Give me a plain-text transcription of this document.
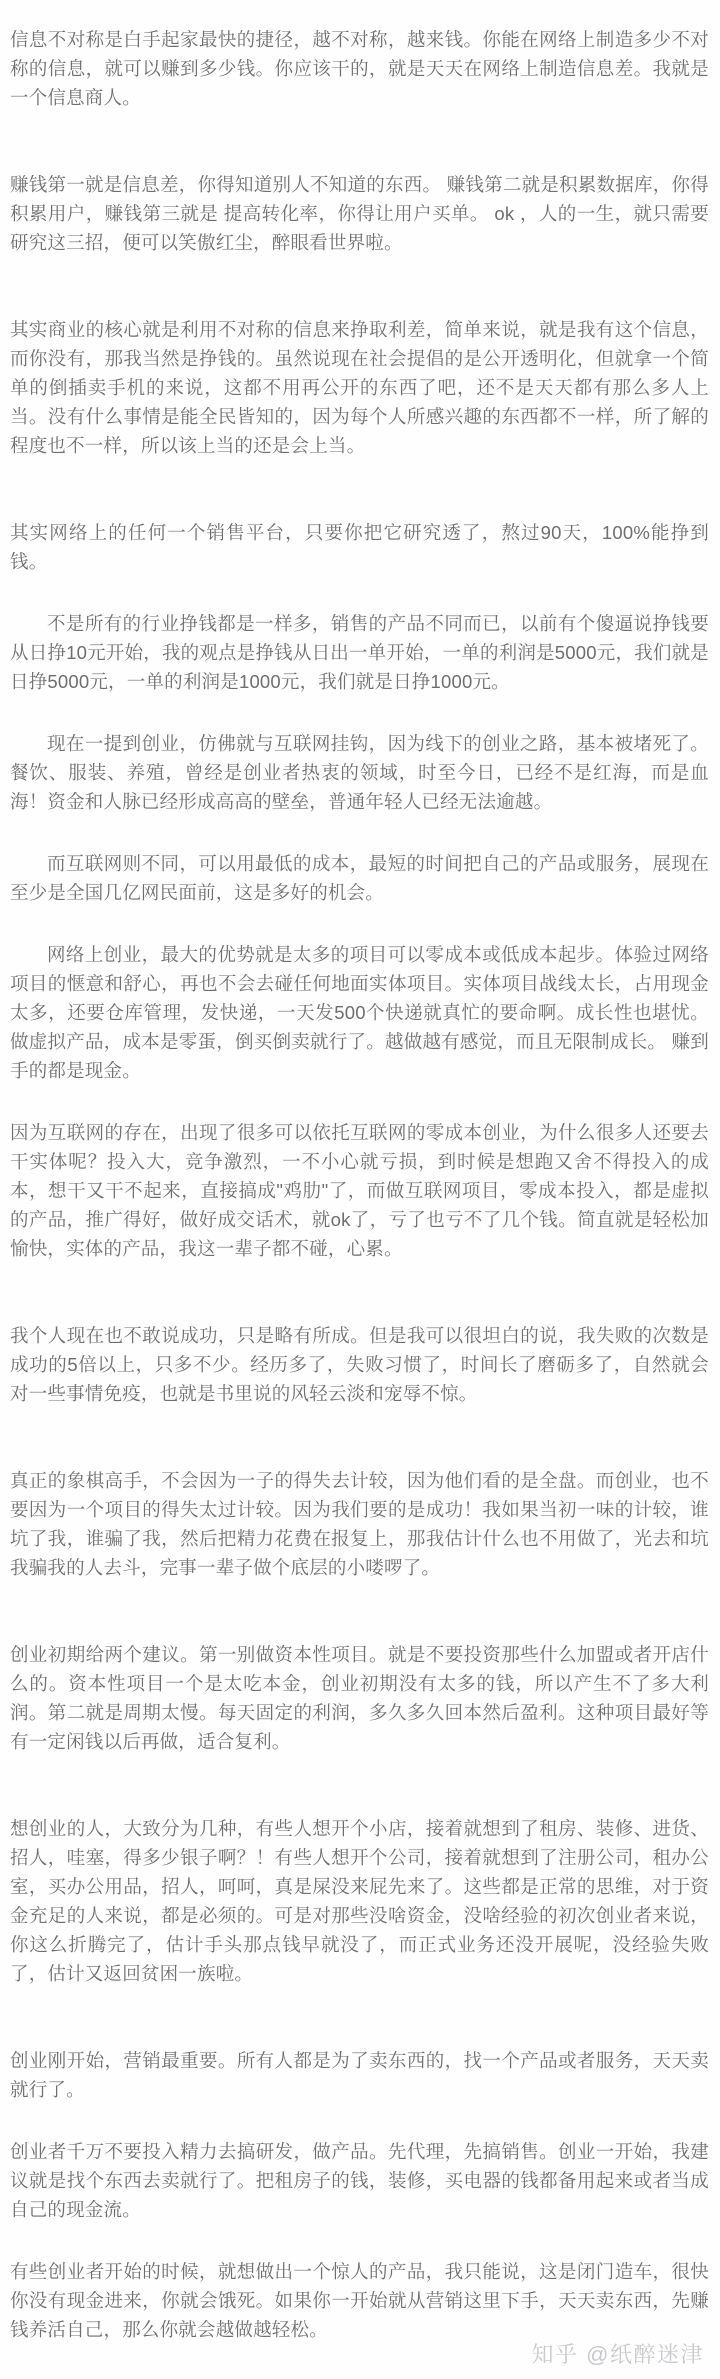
信息不对称是白手起家最快的捷径，越不对称，越来钱。你能在网络上制造多少不对称的信息，就可以赚到多少钱。你应该干的，就是天天在网络上制造信息差。我就是一个信息商人。

赚钱第一就是信息差，你得知道别人不知道的东西。 赚钱第二就是积累数据库，你得积累用户，赚钱第三就是 提高转化率，你得让用户买单。 ok ，人的一生，就只需要研究这三招，便可以笑傲红尘，醉眼看世界啦。

其实商业的核心就是利用不对称的信息来挣取利差，简单来说，就是我有这个信息，而你没有，那我当然是挣钱的。虽然说现在社会提倡的是公开透明化，但就拿一个简单的倒插卖手机的来说，这都不用再公开的东西了吧，还不是天天都有那么多人上当。没有什么事情是能全民皆知的，因为每个人所感兴趣的东西都不一样，所了解的程度也不一样，所以该上当的还是会上当。

其实网络上的任何一个销售平台，只要你把它研究透了，熬过90天，100%能挣到钱。

不是所有的行业挣钱都是一样多，销售的产品不同而已，以前有个傻逼说挣钱要从日挣10元开始，我的观点是挣钱从日出一单开始，一单的利润是5000元，我们就是日挣5000元，一单的利润是1000元，我们就是日挣1000元。

现在一提到创业，仿佛就与互联网挂钩，因为线下的创业之路，基本被堵死了。餐饮、服装、养殖，曾经是创业者热衷的领域，时至今日，已经不是红海，而是血海！资金和人脉已经形成高高的壁垒，普通年轻人已经无法逾越。

而互联网则不同，可以用最低的成本，最短的时间把自己的产品或服务，展现在至少是全国几亿网民面前，这是多好的机会。

网络上创业，最大的优势就是太多的项目可以零成本或低成本起步。体验过网络项目的惬意和舒心，再也不会去碰任何地面实体项目。实体项目战线太长，占用现金太多，还要仓库管理，发快递，一天发500个快递就真忙的要命啊。成长性也堪忧。 做虚拟产品，成本是零蛋，倒买倒卖就行了。越做越有感觉，而且无限制成长。 赚到手的都是现金。

因为互联网的存在，出现了很多可以依托互联网的零成本创业，为什么很多人还要去干实体呢？投入大，竞争激烈，一不小心就亏损，到时候是想跑又舍不得投入的成本，想干又干不起来，直接搞成"鸡肋"了，而做互联网项目，零成本投入，都是虚拟的产品，推广得好，做好成交话术，就ok了，亏了也亏不了几个钱。简直就是轻松加愉快，实体的产品，我这一辈子都不碰，心累。

我个人现在也不敢说成功，只是略有所成。但是我可以很坦白的说，我失败的次数是成功的5倍以上，只多不少。经历多了，失败习惯了，时间长了磨砺多了，自然就会对一些事情免疫，也就是书里说的风轻云淡和宠辱不惊。

真正的象棋高手，不会因为一子的得失去计较，因为他们看的是全盘。而创业，也不要因为一个项目的得失太过计较。因为我们要的是成功！我如果当初一味的计较，谁坑了我，谁骗了我，然后把精力花费在报复上，那我估计什么也不用做了，光去和坑我骗我的人去斗，完事一辈子做个底层的小喽啰了。

创业初期给两个建议。第一别做资本性项目。就是不要投资那些什么加盟或者开店什么的。资本性项目一个是太吃本金，创业初期没有太多的钱，所以产生不了多大利润。第二就是周期太慢。每天固定的利润，多久多久回本然后盈利。这种项目最好等有一定闲钱以后再做，适合复利。

想创业的人，大致分为几种，有些人想开个小店，接着就想到了租房、装修、进货、招人，哇塞，得多少银子啊？！有些人想开个公司，接着就想到了注册公司，租办公室，买办公用品，招人，呵呵，真是屎没来屁先来了。这些都是正常的思维，对于资金充足的人来说，都是必须的。可是对那些没啥资金，没啥经验的初次创业者来说，你这么折腾完了，估计手头那点钱早就没了，而正式业务还没开展呢，没经验失败了，估计又返回贫困一族啦。

创业刚开始，营销最重要。所有人都是为了卖东西的，找一个产品或者服务，天天卖就行了。

创业者千万不要投入精力去搞研发，做产品。先代理，先搞销售。创业一开始，我建议就是找个东西去卖就行了。把租房子的钱，装修，买电器的钱都备用起来或者当成自己的现金流。

有些创业者开始的时候，就想做出一个惊人的产品，我只能说，这是闭门造车，很快你没有现金进来，你就会饿死。如果你一开始就从营销这里下手，天天卖东西，先赚钱养活自己，那么你就会越做越轻松。

知乎 @纸醉迷津
